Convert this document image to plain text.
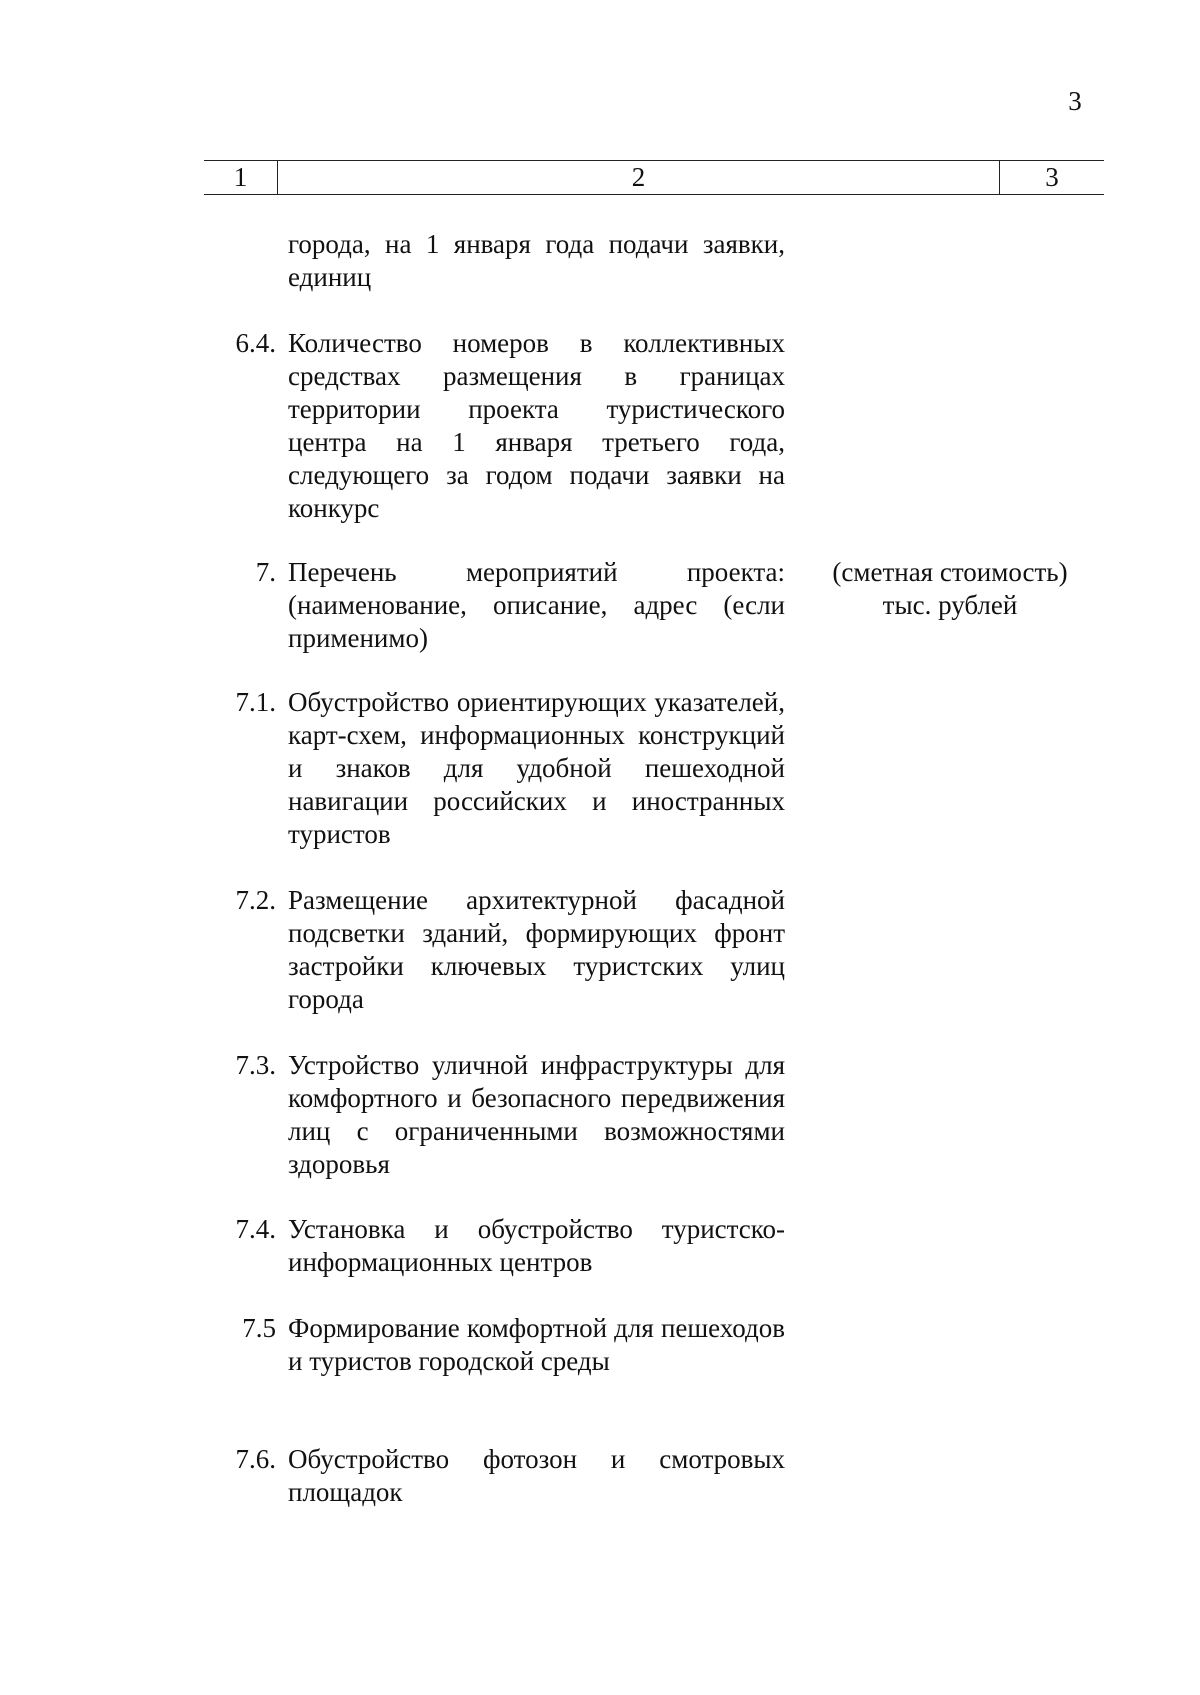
3
1	2	3
города, на 1 января года подачи заявки, единиц
6.4. Количество номеров в коллективных средствах размещения в границах территории проекта туристического центра на 1 января третьего года, следующего за годом подачи заявки на конкурс
7. Перечень мероприятий проекта: (наименование, описание, адрес (если применимо)
(сметная стоимость)
тыс. рублей
7.1. Обустройство ориентирующих указателей, карт-схем, информационных конструкций и знаков для удобной пешеходной навигации российских и иностранных туристов
7.2. Размещение архитектурной фасадной подсветки зданий, формирующих фронт застройки ключевых туристских улиц города
7.3. Устройство уличной инфраструктуры для комфортного и безопасного передвижения лиц с ограниченными возможностями здоровья
7.4. Установка и обустройство туристско-информационных центров
7.5 Формирование комфортной для пешеходов и туристов городской среды
7.6. Обустройство фотозон и смотровых площадок
